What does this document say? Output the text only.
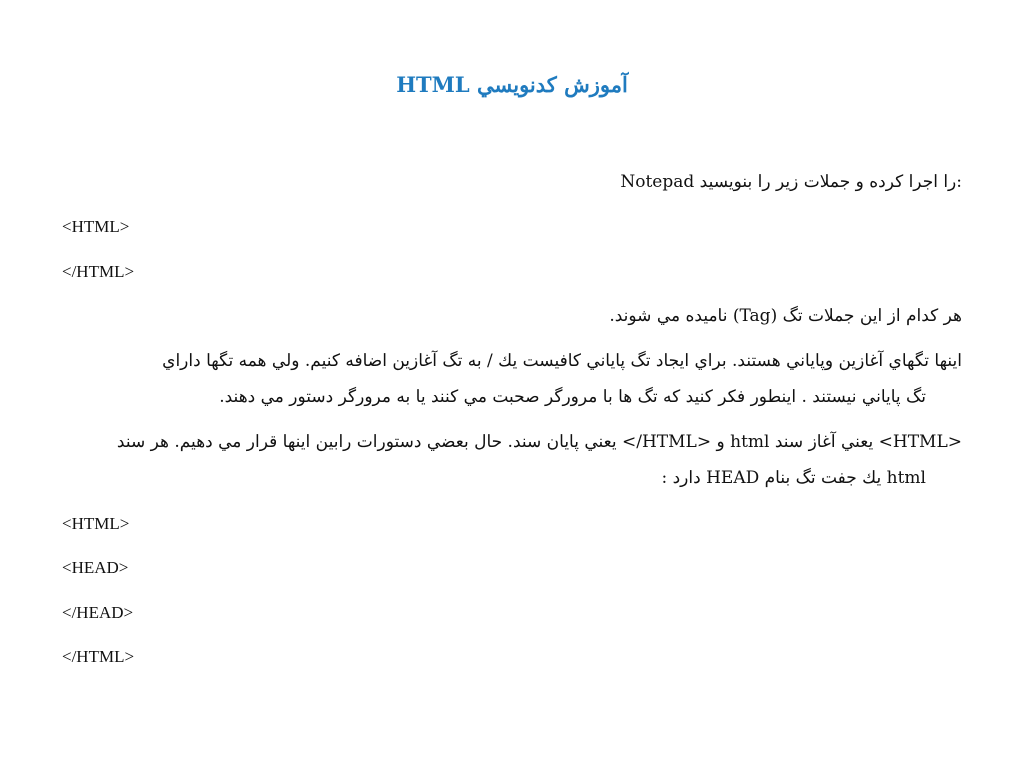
آموزش کدنويسي HTML
Notepad را اجرا کرده و جملات زير را بنويسيد:
<HTML>
</HTML>
هر كدام از اين جملات تگ (Tag) ناميده مي شوند.
اينها تگهاي آغازين وپاياني هستند. براي ايجاد تگ پاياني كافيست يك / به تگ آغازين اضافه كنيم. ولي همه تگها داراي
تگ پاياني نيستند . اينطور فكر كنيد كه تگ ها با مرورگر صحبت مي كنند يا به مرورگر دستور مي دهند.
<HTML> يعني آغاز سند html و <HTML/> يعني پايان سند. حال بعضي دستورات رابين اينها قرار مي دهيم. هر سند
html يك جفت تگ بنام HEAD دارد :
<HTML>
<HEAD>
</HEAD>
</HTML>
